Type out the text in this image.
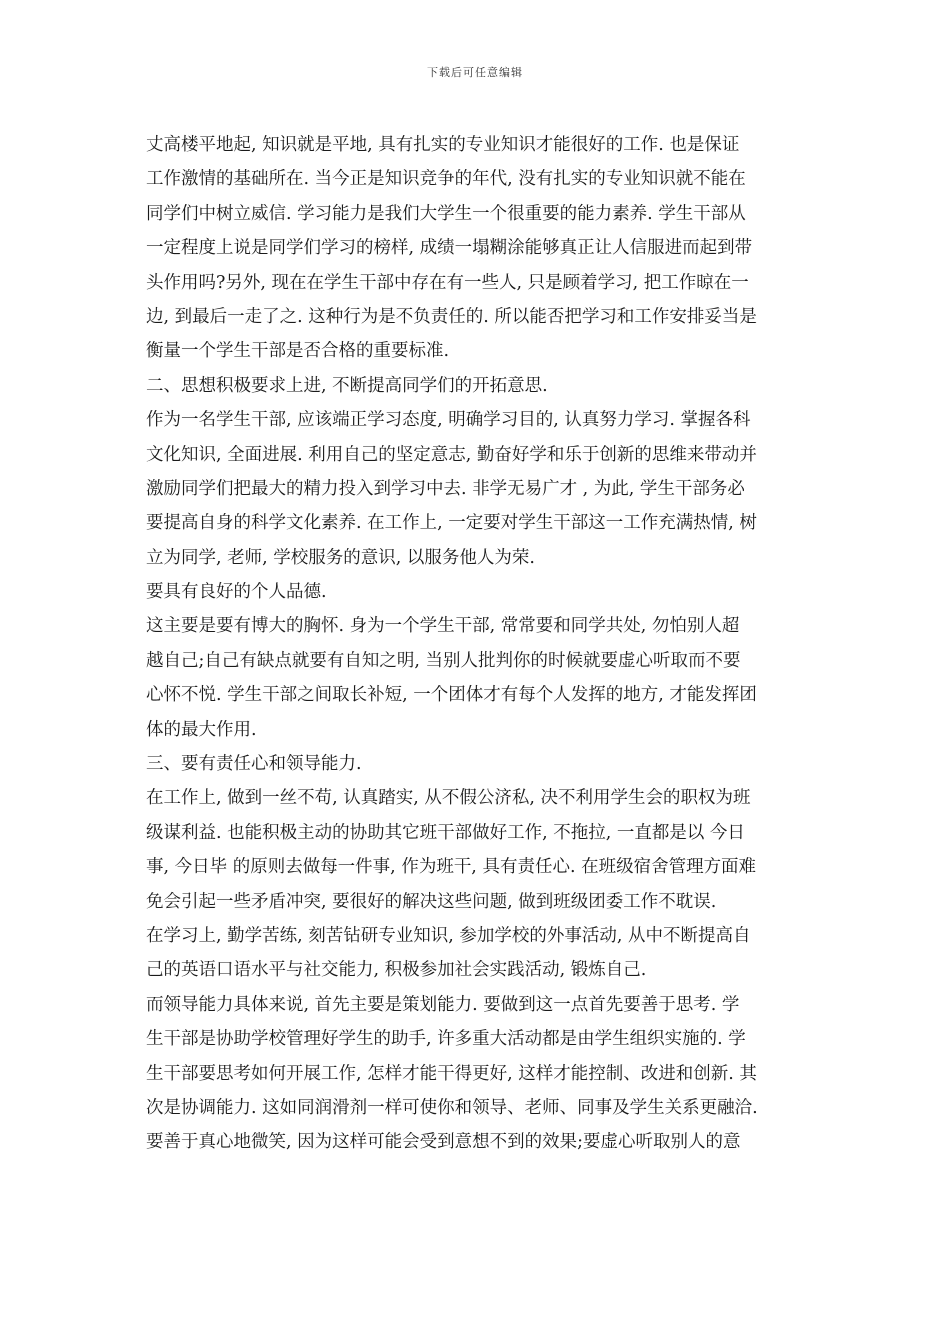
下载后可任意编辑
丈高楼平地起, 知识就是平地, 具有扎实的专业知识才能很好的工作. 也是保证
工作激情的基础所在. 当今正是知识竞争的年代, 没有扎实的专业知识就不能在
同学们中树立威信. 学习能力是我们大学生一个很重要的能力素养. 学生干部从
一定程度上说是同学们学习的榜样, 成绩一塌糊涂能够真正让人信服进而起到带
头作用吗?另外, 现在在学生干部中存在有一些人, 只是顾着学习, 把工作晾在一
边, 到最后一走了之. 这种行为是不负责任的. 所以能否把学习和工作安排妥当是
衡量一个学生干部是否合格的重要标准.
二、思想积极要求上进, 不断提高同学们的开拓意思.
作为一名学生干部, 应该端正学习态度, 明确学习目的, 认真努力学习. 掌握各科
文化知识, 全面进展. 利用自己的坚定意志, 勤奋好学和乐于创新的思维来带动并
激励同学们把最大的精力投入到学习中去. 非学无易广才 , 为此, 学生干部务必
要提高自身的科学文化素养. 在工作上, 一定要对学生干部这一工作充满热情, 树
立为同学, 老师, 学校服务的意识, 以服务他人为荣.
要具有良好的个人品德.
这主要是要有博大的胸怀. 身为一个学生干部, 常常要和同学共处, 勿怕别人超
越自己;自己有缺点就要有自知之明, 当别人批判你的时候就要虚心听取而不要
心怀不悦. 学生干部之间取长补短, 一个团体才有每个人发挥的地方, 才能发挥团
体的最大作用.
三、要有责任心和领导能力.
在工作上, 做到一丝不苟, 认真踏实, 从不假公济私, 决不利用学生会的职权为班
级谋利益. 也能积极主动的协助其它班干部做好工作, 不拖拉, 一直都是以 今日
事, 今日毕 的原则去做每一件事, 作为班干, 具有责任心. 在班级宿舍管理方面难
免会引起一些矛盾冲突, 要很好的解决这些问题, 做到班级团委工作不耽误.
在学习上, 勤学苦练, 刻苦钻研专业知识, 参加学校的外事活动, 从中不断提高自
己的英语口语水平与社交能力, 积极参加社会实践活动, 锻炼自己.
而领导能力具体来说, 首先主要是策划能力. 要做到这一点首先要善于思考. 学
生干部是协助学校管理好学生的助手, 许多重大活动都是由学生组织实施的. 学
生干部要思考如何开展工作, 怎样才能干得更好, 这样才能控制、改进和创新. 其
次是协调能力. 这如同润滑剂一样可使你和领导、老师、同事及学生关系更融洽.
要善于真心地微笑, 因为这样可能会受到意想不到的效果;要虚心听取别人的意
